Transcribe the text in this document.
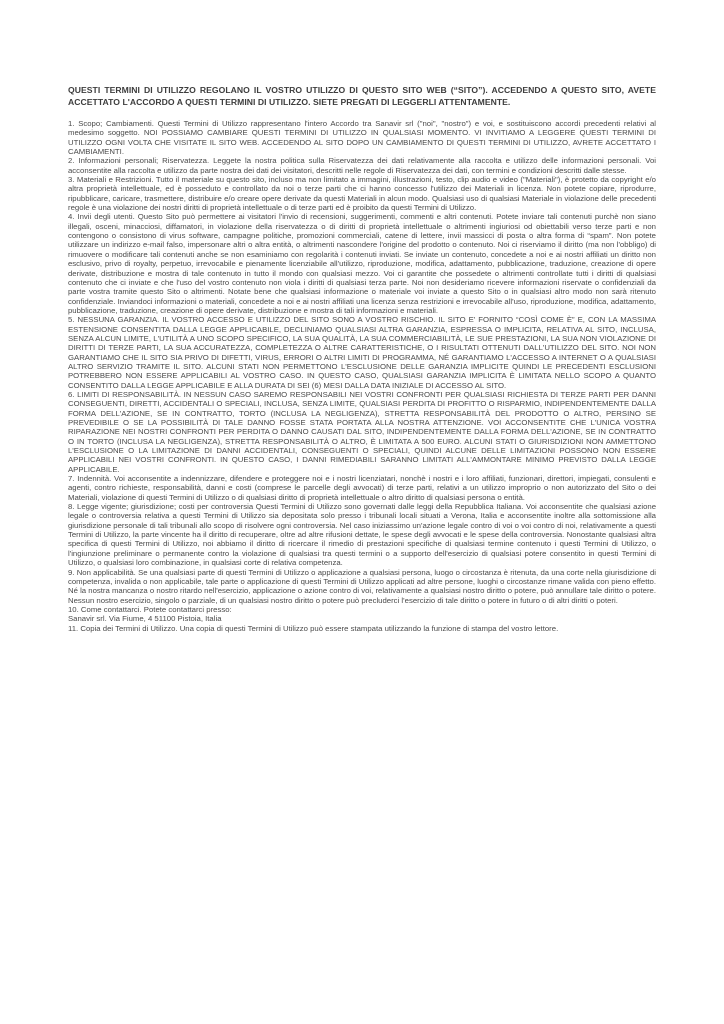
QUESTI TERMINI DI UTILIZZO REGOLANO IL VOSTRO UTILIZZO DI QUESTO SITO WEB (“SITO”). ACCEDENDO A QUESTO SITO, AVETE ACCETTATO L'ACCORDO A QUESTI TERMINI DI UTILIZZO. SIETE PREGATI DI LEGGERLI ATTENTAMENTE.

1. Scopo; Cambiamenti. Questi Termini di Utilizzo rappresentano l'intero Accordo tra Sanavir srl ("noi", "nostro") e voi, e sostituiscono accordi precedenti relativi al medesimo soggetto. NOI POSSIAMO CAMBIARE QUESTI TERMINI DI UTILIZZO IN QUALSIASI MOMENTO. VI INVITIAMO A LEGGERE QUESTI TERMINI DI UTILIZZO OGNI VOLTA CHE VISITATE IL SITO WEB. ACCEDENDO AL SITO DOPO UN CAMBIAMENTO DI QUESTI TERMINI DI UTILIZZO, AVRETE ACCETTATO I CAMBIAMENTI.

2. Informazioni personali; Riservatezza. Leggete la nostra politica sulla Riservatezza dei dati relativamente alla raccolta e utilizzo delle informazioni personali. Voi acconsentite alla raccolta e utilizzo da parte nostra dei dati dei visitatori, descritti nelle regole di Riservatezza dei dati, con termini e condizioni descritti dalle stesse.

3. Materiali e Restrizioni. Tutto il materiale su questo sito, incluso ma non limitato a immagini, illustrazioni, testo, clip audio e video ("Materiali"), è protetto da copyright e/o altra proprietà intellettuale, ed è posseduto e controllato da noi o terze parti che ci hanno concesso l'utilizzo dei Materiali in licenza. Non potete copiare, riprodurre, ripubblicare, caricare, trasmettere, distribuire e/o creare opere derivate da questi Materiali in alcun modo. Qualsiasi uso di qualsiasi Materiale in violazione delle precedenti regole è una violazione dei nostri diritti di proprietà intellettuale o di terze parti ed è proibito da questi Termini di Utilizzo.

4. Invii degli utenti. Questo Sito può permettere ai visitatori l'invio di recensioni, suggerimenti, commenti e altri contenuti. Potete inviare tali contenuti purchè non siano illegali, osceni, minacciosi, diffamatori, in violazione della riservatezza o di diritti di proprietà intellettuale o altrimenti ingiuriosi od obiettabili verso terze parti e non contengono o consistono di virus software, campagne politiche, promozioni commerciali, catene di lettere, invii massicci di posta o altra forma di “spam”. Non potete utilizzare un indirizzo e-mail falso, impersonare altri o altra entità, o altrimenti nascondere l'origine del prodotto o contenuto. Noi ci riserviamo il diritto (ma non l'obbligo) di rimuovere o modificare tali contenuti anche se non esaminiamo con regolarità i contenuti inviati. Se inviate un contenuto, concedete a noi e ai nostri affiliati un diritto non esclusivo, privo di royalty, perpetuo, irrevocabile e pienamente licenziabile all'utilizzo, riproduzione, modifica, adattamento, pubblicazione, traduzione, creazione di opere derivate, distribuzione e mostra di tale contenuto in tutto il mondo con qualsiasi mezzo. Voi ci garantite che possedete o altrimenti controllate tutti i diritti di qualsiasi contenuto che ci inviate e che l'uso del vostro contenuto non viola i diritti di qualsiasi terza parte. Noi non desideriamo ricevere informazioni riservate o confidenziali da parte vostra tramite questo Sito o altrimenti. Notate bene che qualsiasi informazione o materiale voi inviate a questo Sito o in qualsiasi altro modo non sarà ritenuto confidenziale. Inviandoci informazioni o materiali, concedete a noi e ai nostri affiliati una licenza senza restrizioni e irrevocabile all'uso, riproduzione, modifica, adattamento, pubblicazione, traduzione, creazione di opere derivate, distribuzione e mostra di tali informazioni e materiali.

5. NESSUNA GARANZIA. IL VOSTRO ACCESSO E UTILIZZO DEL SITO SONO A VOSTRO RISCHIO. IL SITO E' FORNITO “COSÌ COME È” E, CON LA MASSIMA ESTENSIONE CONSENTITA DALLA LEGGE APPLICABILE, DECLINIAMO QUALSIASI ALTRA GARANZIA, ESPRESSA O IMPLICITA, RELATIVA AL SITO, INCLUSA, SENZA ALCUN LIMITE, L'UTILITÀ A UNO SCOPO SPECIFICO, LA SUA QUALITÀ, LA SUA COMMERCIABILITÀ, LE SUE PRESTAZIONI, LA SUA NON VIOLAZIONE DI DIRITTI DI TERZE PARTI, LA SUA ACCURATEZZA, COMPLETEZZA O ALTRE CARATTERISTICHE, O I RISULTATI OTTENUTI DALL'UTILIZZO DEL SITO. NOI NON GARANTIAMO CHE IL SITO SIA PRIVO DI DIFETTI, VIRUS, ERRORI O ALTRI LIMITI DI PROGRAMMA, NÉ GARANTIAMO L'ACCESSO A INTERNET O A QUALSIASI ALTRO SERVIZIO TRAMITE IL SITO. ALCUNI STATI NON PERMETTONO L'ESCLUSIONE DELLE GARANZIA IMPLICITE QUINDI LE PRECEDENTI ESCLUSIONI POTREBBERO NON ESSERE APPLICABILI AL VOSTRO CASO. IN QUESTO CASO, QUALSIASI GARANZIA IMPLICITA È LIMITATA NELLO SCOPO A QUANTO CONSENTITO DALLA LEGGE APPLICABILE E ALLA DURATA DI SEI (6) MESI DALLA DATA INIZIALE DI ACCESSO AL SITO.

6. LIMITI DI RESPONSABILITÀ. IN NESSUN CASO SAREMO RESPONSABILI NEI VOSTRI CONFRONTI PER QUALSIASI RICHIESTA DI TERZE PARTI PER DANNI CONSEGUENTI, DIRETTI, ACCIDENTALI O SPECIALI, INCLUSA, SENZA LIMITE, QUALSIASI PERDITA DI PROFITTO O RISPARMIO, INDIPENDENTEMENTE DALLA FORMA DELL'AZIONE, SE IN CONTRATTO, TORTO (INCLUSA LA NEGLIGENZA), STRETTA RESPONSABILITÀ DEL PRODOTTO O ALTRO, PERSINO SE PREVEDIBILE O SE LA POSSIBILITÀ DI TALE DANNO FOSSE STATA PORTATA ALLA NOSTRA ATTENZIONE. VOI ACCONSENTITE CHE L'UNICA VOSTRA RIPARAZIONE NEI NOSTRI CONFRONTI PER PERDITA O DANNO CAUSATI DAL SITO, INDIPENDENTEMENTE DALLA FORMA DELL'AZIONE, SE IN CONTRATTO O IN TORTO (INCLUSA LA NEGLIGENZA), STRETTA RESPONSABILITÀ O ALTRO, È LIMITATA A 500 EURO. ALCUNI STATI O GIURISDIZIONI NON AMMETTONO L'ESCLUSIONE O LA LIMITAZIONE DI DANNI ACCIDENTALI, CONSEGUENTI O SPECIALI, QUINDI ALCUNE DELLE LIMITAZIONI POSSONO NON ESSERE APPLICABILI NEI VOSTRI CONFRONTI. IN QUESTO CASO, I DANNI RIMEDIABILI SARANNO LIMITATI ALL'AMMONTARE MINIMO PREVISTO DALLA LEGGE APPLICABILE.

7. Indennità. Voi acconsentite a indennizzare, difendere e proteggere noi e i nostri licenziatari, nonchè i nostri e i loro affiliati, funzionari, direttori, impiegati, consulenti e agenti, contro richieste, responsabilità, danni e costi (comprese le parcelle degli avvocati) di terze parti, relativi a un utilizzo improprio o non autorizzato del Sito o dei Materiali, violazione di questi Termini di Utilizzo o di qualsiasi diritto di proprietà intellettuale o altro diritto di qualsiasi persona o entità.

8. Legge vigente; giurisdizione; costi per controversia Questi Termini di Utilizzo sono governati dalle leggi della Repubblica Italiana. Voi acconsentite che qualsiasi azione legale o controversia relativa a questi Termini di Utilizzo sia depositata solo presso i tribunali locali situati a Verona, Italia e acconsentite inoltre alla sottomissione alla giurisdizione personale di tali tribunali allo scopo di risolvere ogni controversia. Nel caso iniziassimo un'azione legale contro di voi o voi contro di noi, relativamente a questi Termini di Utilizzo, la parte vincente ha il diritto di recuperare, oltre ad altre rifusioni dettate, le spese degli avvocati e le spese della controversia. Nonostante qualsiasi altra specifica di questi Termini di Utilizzo, noi abbiamo il diritto di ricercare il rimedio di prestazioni specifiche di qualsiasi termine contenuto i questi Termini di Utilizzo, o l'ingiunzione preliminare o permanente contro la violazione di qualsiasi tra questi termini o a supporto dell'esercizio di qualsiasi potere consentito in questi Termini di Utilizzo, o qualsiasi loro combinazione, in qualsiasi corte di relativa competenza.

9. Non applicabilità. Se una qualsiasi parte di questi Termini di Utilizzo o applicazione a qualsiasi persona, luogo o circostanza è ritenuta, da una corte nella giurisdizione di competenza, invalida o non applicabile, tale parte o applicazione di questi Termini di Utilizzo applicati ad altre persone, luoghi o circostanze rimane valida con pieno effetto. Né la nostra mancanza o nostro ritardo nell'esercizio, applicazione o azione contro di voi, relativamente a qualsiasi nostro diritto o potere, può annullare tale diritto o potere. Nessun nostro esercizio, singolo o parziale, di un qualsiasi nostro diritto o potere può precluderci l'esercizio di tale diritto o potere in futuro o di altri diritti o poteri.

10. Come contattarci. Potete contattarci presso:

Sanavir srl. Via Fiume, 4 51100 Pistoia, Italia

11. Copia dei Termini di Utilizzo. Una copia di questi Termini di Utilizzo può essere stampata utilizzando la funzione di stampa del vostro lettore.
